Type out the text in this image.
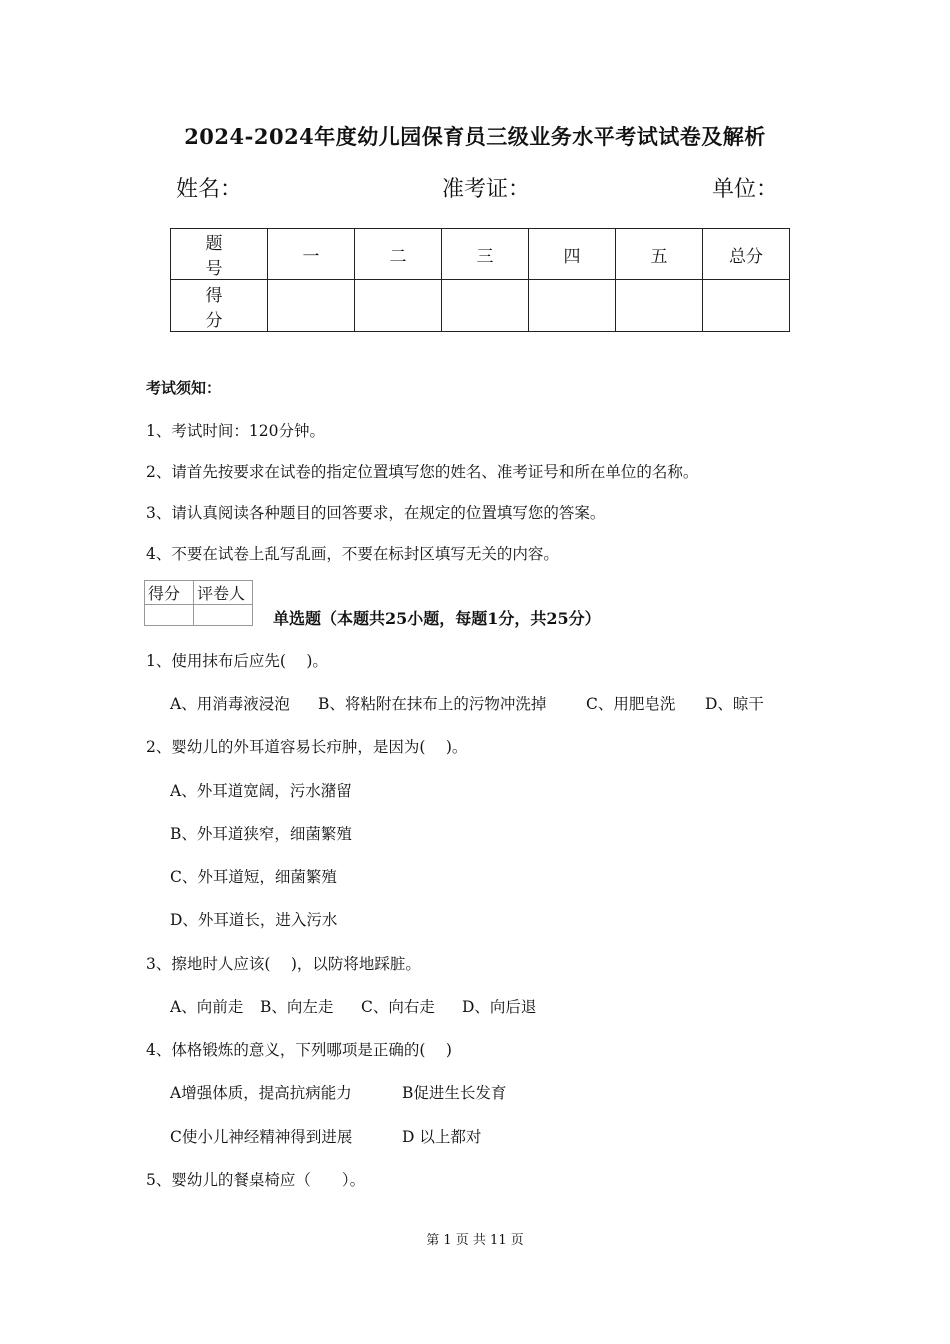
2024-2024年度幼儿园保育员三级业务水平考试试卷及解析
姓名：	准考证：	单位：
题　号	一	二	三	四	五	总分
得　分						
考试须知：
1、考试时间：120分钟。
2、请首先按要求在试卷的指定位置填写您的姓名、准考证号和所在单位的名称。
3、请认真阅读各种题目的回答要求，在规定的位置填写您的答案。
4、不要在试卷上乱写乱画，不要在标封区填写无关的内容。
得分	评卷人

单选题（本题共25小题，每题1分，共25分）
1、使用抹布后应先(　 )。
A、用消毒液浸泡 B、将粘附在抹布上的污物冲洗掉	C、用肥皂洗 D、晾干
2、婴幼儿的外耳道容易长疖肿，是因为(　 )。
A、外耳道宽阔，污水潴留
B、外耳道狭窄，细菌繁殖
C、外耳道短，细菌繁殖
D、外耳道长，进入污水
3、擦地时人应该(　 )，以防将地踩脏。
A、向前走 B、向左走 C、向右走 D、向后退
4、体格锻炼的意义，下列哪项是正确的(　 )
A增强体质，提高抗病能力	B促进生长发育
C使小儿神经精神得到进展	D 以上都对
5、婴幼儿的餐桌椅应（　　）。
第 1 页 共 11 页
